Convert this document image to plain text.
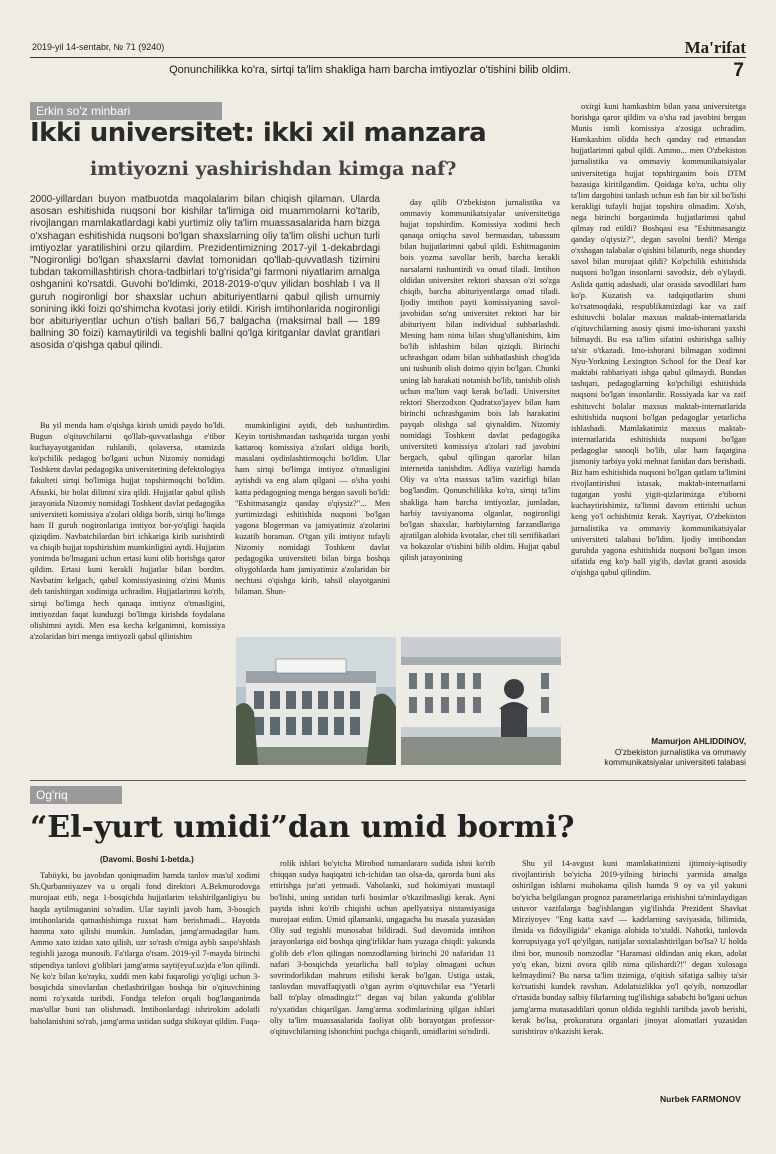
2019-yil 14-sentabr, № 71 (9240)	Ma'rifat
Qonunchilikka ko'ra, sirtqi ta'lim shakliga ham barcha imtiyozlar o'tishini bilib oldim.	7
Erkin so'z minbari
Ikki universitet: ikki xil manzara
imtiyozni yashirishdan kimga naf?
2000-yillardan buyon matbuotda maqolalarim bilan chiqish qilaman. Ularda asosan eshitishida nuqsoni bor kishilar ta'limiga oid muammolarni ko'tarib, rivojlangan mamlakatlardagi kabi yurtimiz oliy ta'lim muassasalarida ham bizga o'xshagan eshitishida nuqsoni bo'lgan shaxslarning oliy ta'lim olishi uchun turli imtiyozlar yaratilishini orzu qilardim. Prezidentimizning 2017-yil 1-dekabrdagi "Nogironligi bo'lgan shaxslarni davlat tomonidan qo'llab-quvvatlash tizimini tubdan takomillashtirish chora-tadbirlari to'g'risida"gi farmoni niyatlarim amalga oshganini ko'rsatdi. Guvohi bo'ldimki, 2018-2019-o'quv yilidan boshlab I va II guruh nogironligi bor shaxslar uchun abituriyentlarni qabul qilish umumiy sonining ikki foizi qo'shimcha kvotasi joriy etildi. Kirish imtihonlarida nogironligi bor abituriyentlar uchun o'tish ballari 56,7 balgacha (maksimal ball — 189 ballning 30 foizi) kamaytirildi va tegishli ballni qo'lga kiritganlar davlat grantlari asosida o'qishga qabul qilindi.

Bu yil menda ham o'qishga kirish umidi paydo bo'ldi. Bugun o'qituvchilarni qo'llab-quvvatlashga e'tibor kuchayayotganidan ruhlanib, qolaversa, otamizda ko'pchilik pedagog bo'lgani uchun Nizomiy nomidagi Toshkent davlat pedagogika universitetining defektologiya fakulteti sirtqi bo'limiga hujjat topshirmoqchi bo'ldim. Afsuski, bir holat dilimni xira qildi. Hujjatlar qabul qilish jarayonida Nizomiy nomidagi Toshkent davlat pedagogika universiteti komissiya a'zolari oldiga borib, sirtqi bo'limga ham II guruh nogironlariga imtiyoz bor-yo'qligi haqida qiziqdim. Navbatchilardan biri ichkariga kirib surishtirdi va chiqib hujjat topshirishim mumkinligini aytdi. Hujjatim yonimda bo'lmagani uchun ertasi kuni olib borishga qaror qildim. Ertasi kuni kerakli hujjatlar bilan bordim. Navbatim kelgach, qabul komissiyasining o'zini Munis deb tanishtirgan xodimiga uchradim. Hujjatlarimni ko'rib, sirtqi bo'limga hech qanaqa imtiyoz o'tmasligini, imtiyozdan faqat kunduzgi bo'limga kirishda foydalana olishimni aytdi. Men esa kecha kelganimni, komissiya a'zolaridan biri menga imtiyozli qabul qilinishim

mumkinligini aytdi, deb tushuntirdim. Keyin tortishmasdan tashqarida turgan yoshi kattaroq komissiya a'zolari oldiga borib, masalani oydinlashtirmoqchi bo'ldim. Ular ham sirtqi bo'limga imtiyoz o'tmasligini aytishdi va eng alam qilgani — o'sha yoshi katta pedagogning menga bergan savoli bo'ldi: "Eshitmasangiz qanday o'qiysiz?"... Men yurtimizdagi eshitishida nuqsoni bo'lgan yagona blogerman va jamiyatimiz a'zolarini kuzatib boraman. O'tgan yili imtiyoz tufayli Nizomiy nomidagi Toshkent davlat pedagogika universiteti bilan birga boshqa oliygohlarda ham jamiyatimiz a'zolaridan bir nechtasi o'qishga kirib, tahsil olayotganini bilaman. Shun-

day qilib O'zbekiston jurnalistika va ommaviy kommunikatsiyalar universitetiga hujjat topshirdim. Komissiya xodimi hech qanaqa ortiqcha savol bermasdan, tabassum bilan hujjatlarimni qabul qildi. Eshitmaganim bois yozma savollar berib, barcha kerakli narsalarni tushuntirdi va omad tiladi. Imtihon oldidan universitet rektori shaxsan o'zi so'zga chiqib, barcha abituriyentlarga omad tiladi. Ijodiy imtihon payti komissiyaning savol-javobidan so'ng universitet rektori har bir abituriyent bilan individual suhbatlashdi. Mening ham nima bilan shug'ullanishim, kim bo'lib ishlashim bilan qiziqdi. Birinchi uchrashgan odam bilan suhbatlashish chog'ida uni tushunib olish doimo qiyin bo'lgan. Chunki uning lab harakati notanish bo'lib, tanishib olish uchun ma'lum vaqt kerak bo'ladi. Universitet rektori Sherzodxon Qudratxo'jayev bilan ham birinchi uchrashganim bois lab harakatini payqab olishga sal qiynaldim. Nizomiy nomidagi Toshkent davlat pedagogika universiteti komissiya a'zolari rad javobini bergach, qabul qilingan qarorlar bilan internetda tanishdim. Adliya vazirligi hamda Oliy va o'rta maxsus ta'lim vazirligi bilan bog'landim. Qonunchilikka ko'ra, sirtqi ta'lim shakliga ham barcha imtiyozlar, jumladan, harbiy tavsiyanoma olganlar, nogironligi bo'lgan shaxslar, harbiylarning farzandlariga ajratilgan alohida kvotalar, chet tili sertifikatlari va hokazolar o'tishini bilib oldim. Hujjat qabul qilish jarayonining

oxirgi kuni hamkasbim bilan yana universitetga borishga qaror qildim va o'sha rad javobini bergan Munis ismli komissiya a'zosiga uchradim. Hamkasbim olidda hech qanday rad etmasdan hujjatlarimni qabul qildi. Ammo... men O'zbekiston jurnalistika va ommaviy kommunikatsiyalar universitetiga hujjat topshirganim bois DTM bazasiga kiritilgandim. Qoidaga ko'ra, uchta oliy ta'lim dargohini tanlash uchun esh fan bir xil bo'lishi kerakligi tufayli hujjat topshira olmadim. Xo'sh, nega birinchi borganimda hujjatlarimni qabul qilmay rad etildi? Boshqasi esa "Eshitmasangiz qanday o'qiysiz?", degan savolni berdi? Menga o'xshagan talabalar o'qishini bilaturib, nega shunday savol bilan murojaat qildi? Ko'pchilik eshitishida nuqsoni bo'lgan insonlarni savodsiz, deb o'ylaydi. Aslida qattiq adashadi, ular orasida savodlilari ham ko'p. Kuzatish va tadqiqotlarim shuni ko'rsatmoqdaki, respublikamizdagi kar va zaif eshituvchi bolalar maxsus maktab-internatlarida o'qituvchilarning asosiy qismi imo-ishorani yaxshi bilmaydi. Bu esa ta'lim sifatini oshirishga salbiy ta'sir o'tkazadi. Imo-ishorani bilmagan xodimni Nyu-Yorkning Lexington School for the Deaf kar maktabi rahbariyati ishga qabul qilmaydi. Bundan tashqari, pedagoglarning ko'pchiligi eshitishida nuqsoni bo'lgan insonlardir. Rossiyada kar va zaif eshituvchi bolalar maxsus maktab-internatlarida eshitishida nuqsoni bo'lgan pedagoglar yetarlicha ishlashadi. Mamlakatimiz maxsus maktab-internatlarida eshitishida nuqsoni bo'lgan pedagoglar sanoqli bo'lib, ular ham faqatgina jismoniy tarbiya yoki mehnat fanidan dars berishadi. Biz ham eshitishida nuqsoni bo'lgan qatlam ta'limini rivojlantirishni istasak, maktab-internatlarni tugatgan yoshi yigit-qizlarimizga e'tiborni kuchaytirishimiz, ta'limni davom ettirishi uchun keng yo'l ochishimiz kerak. Xayriyat, O'zbekiston jurnalistika va ommaviy kommunikatsiyalar universiteti talabasi bo'ldim. Ijodiy imtihondan guruhda yagona eshitishida nuqsoni bo'lgan inson sifatida eng ko'p ball yig'ib, davlat granti asosida o'qishga qabul qilindim.

Mamurjon AHLIDDINOV,
O'zbekiston jurnalistika va ommaviy kommunikatsiyalar universiteti talabasi
Og'riq
“El-yurt umidi”dan umid bormi?
(Davomi. Boshi 1-betda.)

Tabiiyki, bu javobdan qoniqmadim hamda tanlov mas'ul xodimi Sh.Qurbanniyazev va u orqali fond direktori A.Bekmurodovga murojaat etib, nega 1-bosqichda hujjatlarim tekshirilganligiyu bu haqda aytilmaganini so'radim. Ular tayinli javob ham, 3-bosqich imtihonlarida qatnashishimga ruxsat ham berishmadi... Hayotda hamma xato qilishi mumkin. Jumladan, jamg'armadagilar ham. Ammo xato izidan xato qilish, uzr so'rash o'rniga ayblı saspo'shlash tegishli jazoga munosib. Fa'tlarga o'tsam. 2019-yil 7-mayda birinchi stipendiya tanlovi g'oliblari jamg'arma sayti(eyuf.uz)da e'lon qilindi. Ne ko'z bilan ko'raykı, xuddi men kabi fuqaroligi yo'qligi uchun 3-bosqichda sinovlardan chetlashtirilgan boshqa bir o'qituvchining nomi ro'yxatda turibdi. Fondga telefon orqali bog'langanimda mas'ullar buni tan olishmadi. Imtihonlardagi ishrirokim adolatli baholanishini so'rab, jamg'arma ustidan sudga shikoyat qildim. Fuqa-

rolik ishlari bo'yicha Mirobod tumanlararo sudida ishni ko'rib chiqqan sudya haqiqatni ich-ichidan tan olsa-da, qarorda buni aks ettirishga jur'ati yetmadi. Vaholanki, sud hokimiyati mustaqil bo'lishi, uning ustidan turli bosimlar o'tkazilmasligi kerak. Ayni paytda ishni ko'rib chiqishi uchun apellyatsiya nistansiyasiga murojaat etdim. Umid qilamanki, ungagacha bu masala yuzasidan Oliy sud tegishli munosabat bildiradi. Sud davomida imtihon jarayonlariga oid boshqa qing'irliklar ham yuzaga chiqdi: yakunda g'olib deb e'lon qilingan nomzodlarning birinchi 20 nafaridan 11 nafari 3-bosqichda yetarlicha ball to'play olmagani uchun sovrindorlikdan mahrum etilishi kerak bo'lgan. Ustiga ustak, tanlovdan muvaffaqiyatli o'tgan ayrim o'qituvchilar esa "Yetarli ball to'play olmadingiz!" degan vaj bilan yakunda g'oliblar ro'yxatidan chiqarilgan. Jamg'arma xodimlarining qilgan ishlari oliy ta'lim muassasalarida faoliyat olib borayotgan professor-o'qituvchilarning ishonchini puchga chiqardi, umidlarini so'ndirdi.

Shu yil 14-avgust kuni mamlakatimizni ijtimoiy-iqtisodiy rivojlantirish bo'yicha 2019-yilning birinchi yarmida amalga oshirilgan ishlarni muhokama qilish hamda 9 oy va yil yakuni bo'yicha belgilangan prognoz parametrlariga erishishni ta'minlaydigan ustuvor vazifalarga bag'ishlangan yig'ilishda Prezident Shavkat Mirziyoyev "Eng katta xavf — kadrlarning saviyasida, bilimida, ilmida va fidoyiligida" ekaniga alohida to'xtaldi. Nahotki, tanlovda korrupsiyaga yo'l qo'yilgan, natijalar soxtalashtirilgan bo'lsa? U holda ilmi bor, munosib nomzodlar "Haramasi oldindan aniq ekan, adolat yo'q ekan, bizni ovora qilib nima qilishardi?!" degan xulosaga kelmaydimi? Bu narsa ta'lim tizimiga, o'qitish sifatiga salbiy ta'sir ko'rsatishi kundek ravshan. Adolatsizlikka yo'l qo'yib, nomzodlar o'rtasida bunday salbiy fikrlarning tug'ilishiga sababchi bo'lgani uchun jamg'arma mutasaddilari qonun oldida tegishli tartibda javob berishi, kerak bo'lsa, prokuratura organlari jinoyat alomatlari yuzasidan surishtiruv o'tkazishi kerak.

Nurbek FARMONOV
